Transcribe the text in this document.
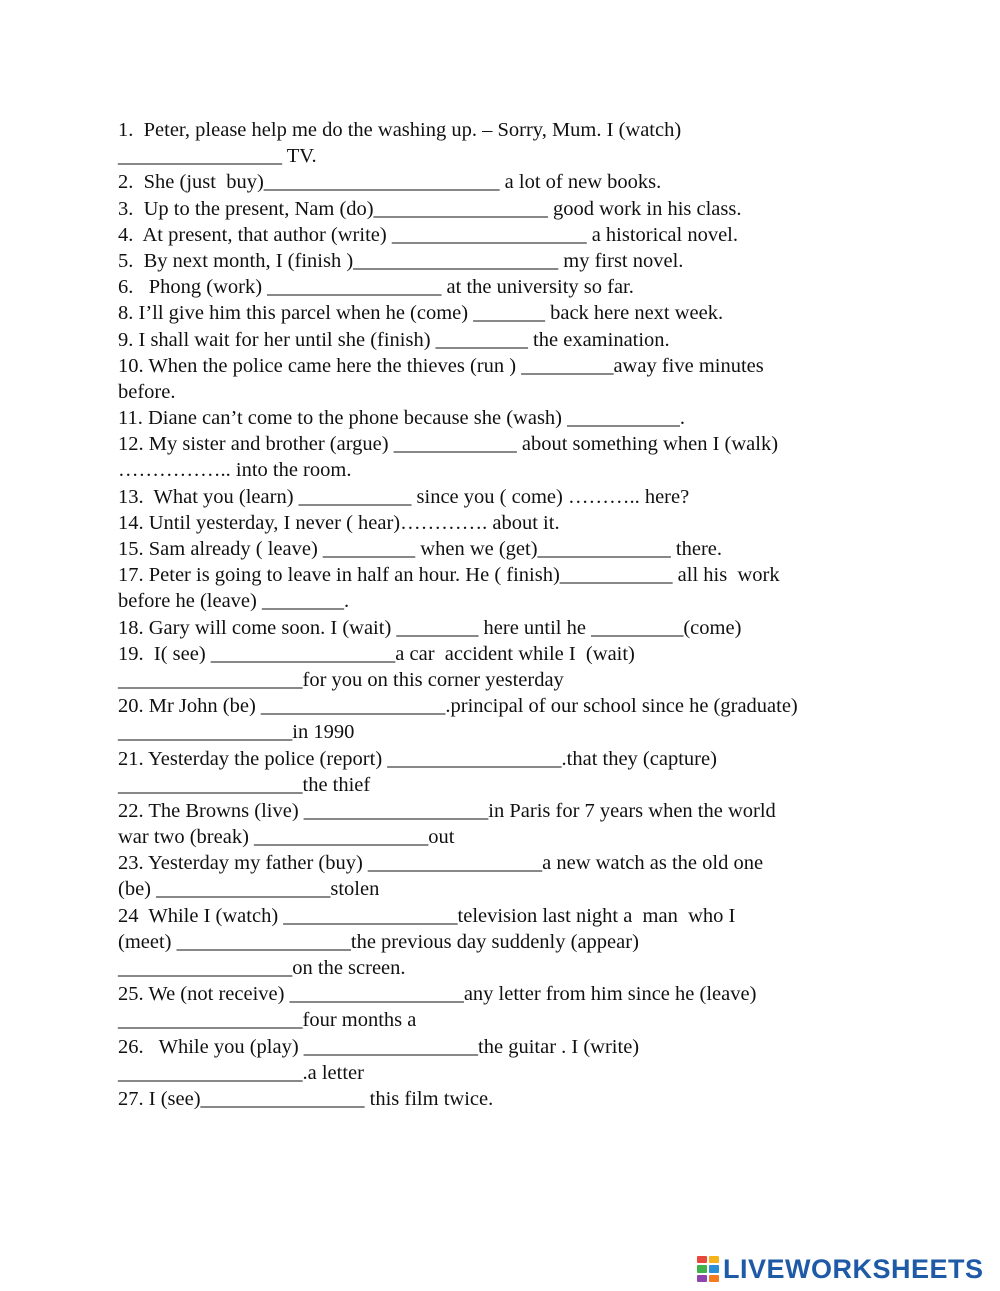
1.  Peter, please help me do the washing up. – Sorry, Mum. I (watch)
________________ TV.
2.  She (just  buy)_______________________ a lot of new books.
3.  Up to the present, Nam (do)_________________ good work in his class.
4.  At present, that author (write) ___________________ a historical novel.
5.  By next month, I (finish )____________________ my first novel.
6.   Phong (work) _________________ at the university so far.
8. I’ll give him this parcel when he (come) _______ back here next week.
9. I shall wait for her until she (finish) _________ the examination.
10. When the police came here the thieves (run ) _________away five minutes
before.
11. Diane can’t come to the phone because she (wash) ___________.
12. My sister and brother (argue) ____________ about something when I (walk)
…………….. into the room.
13.  What you (learn) ___________ since you ( come) ……….. here?
14. Until yesterday, I never ( hear)…………. about it.
15. Sam already ( leave) _________ when we (get)_____________ there.
17. Peter is going to leave in half an hour. He ( finish)___________ all his  work
before he (leave) ________.
18. Gary will come soon. I (wait) ________ here until he _________(come)
19.  I( see) __________________a car  accident while I  (wait)
__________________for you on this corner yesterday
20. Mr John (be) __________________.principal of our school since he (graduate)
_________________in 1990
21. Yesterday the police (report) _________________.that they (capture)
__________________the thief
22. The Browns (live) __________________in Paris for 7 years when the world
war two (break) _________________out
23. Yesterday my father (buy) _________________a new watch as the old one
(be) _________________stolen
24  While I (watch) _________________television last night a  man  who I
(meet) _________________the previous day suddenly (appear)
_________________on the screen.
25. We (not receive) _________________any letter from him since he (leave)
__________________four months a
26.   While you (play) _________________the guitar . I (write)
__________________.a letter
27. I (see)________________ this film twice.
LIVEWORKSHEETS
